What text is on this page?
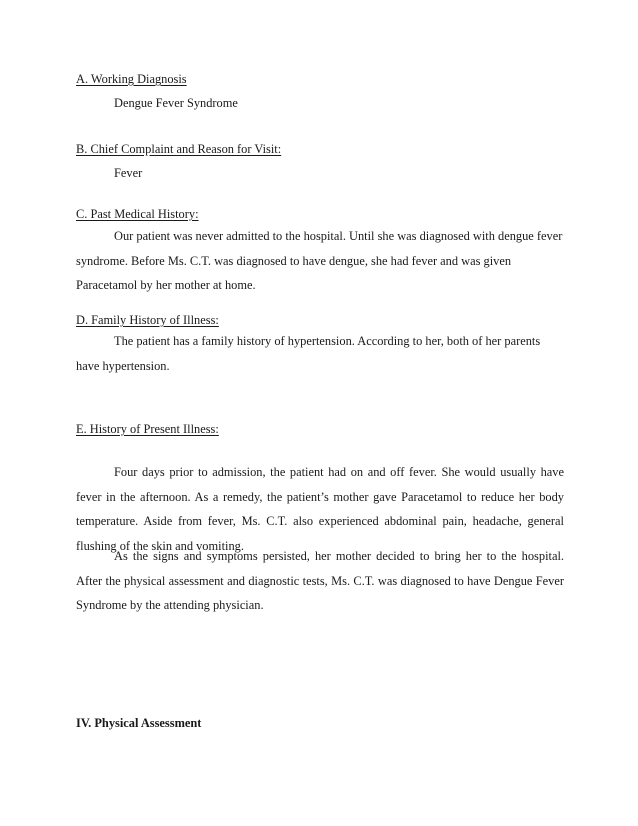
A. Working Diagnosis
Dengue Fever Syndrome
B. Chief Complaint and Reason for Visit:
Fever
C. Past Medical History:

Our patient was never admitted to the hospital. Until she was diagnosed with dengue fever syndrome. Before Ms. C.T. was diagnosed to have dengue, she had fever and was given Paracetamol by her mother at home.

D. Family History of Illness:

The patient has a family history of hypertension. According to her, both of her parents have hypertension.

E. History of Present Illness:

Four days prior to admission, the patient had on and off fever. She would usually have fever in the afternoon. As a remedy, the patient’s mother gave Paracetamol to reduce her body temperature. Aside from fever, Ms. C.T. also experienced abdominal pain, headache, general flushing of the skin and vomiting.

As the signs and symptoms persisted, her mother decided to bring her to the hospital. After the physical assessment and diagnostic tests, Ms. C.T. was diagnosed to have Dengue Fever Syndrome by the attending physician.

IV. Physical Assessment
